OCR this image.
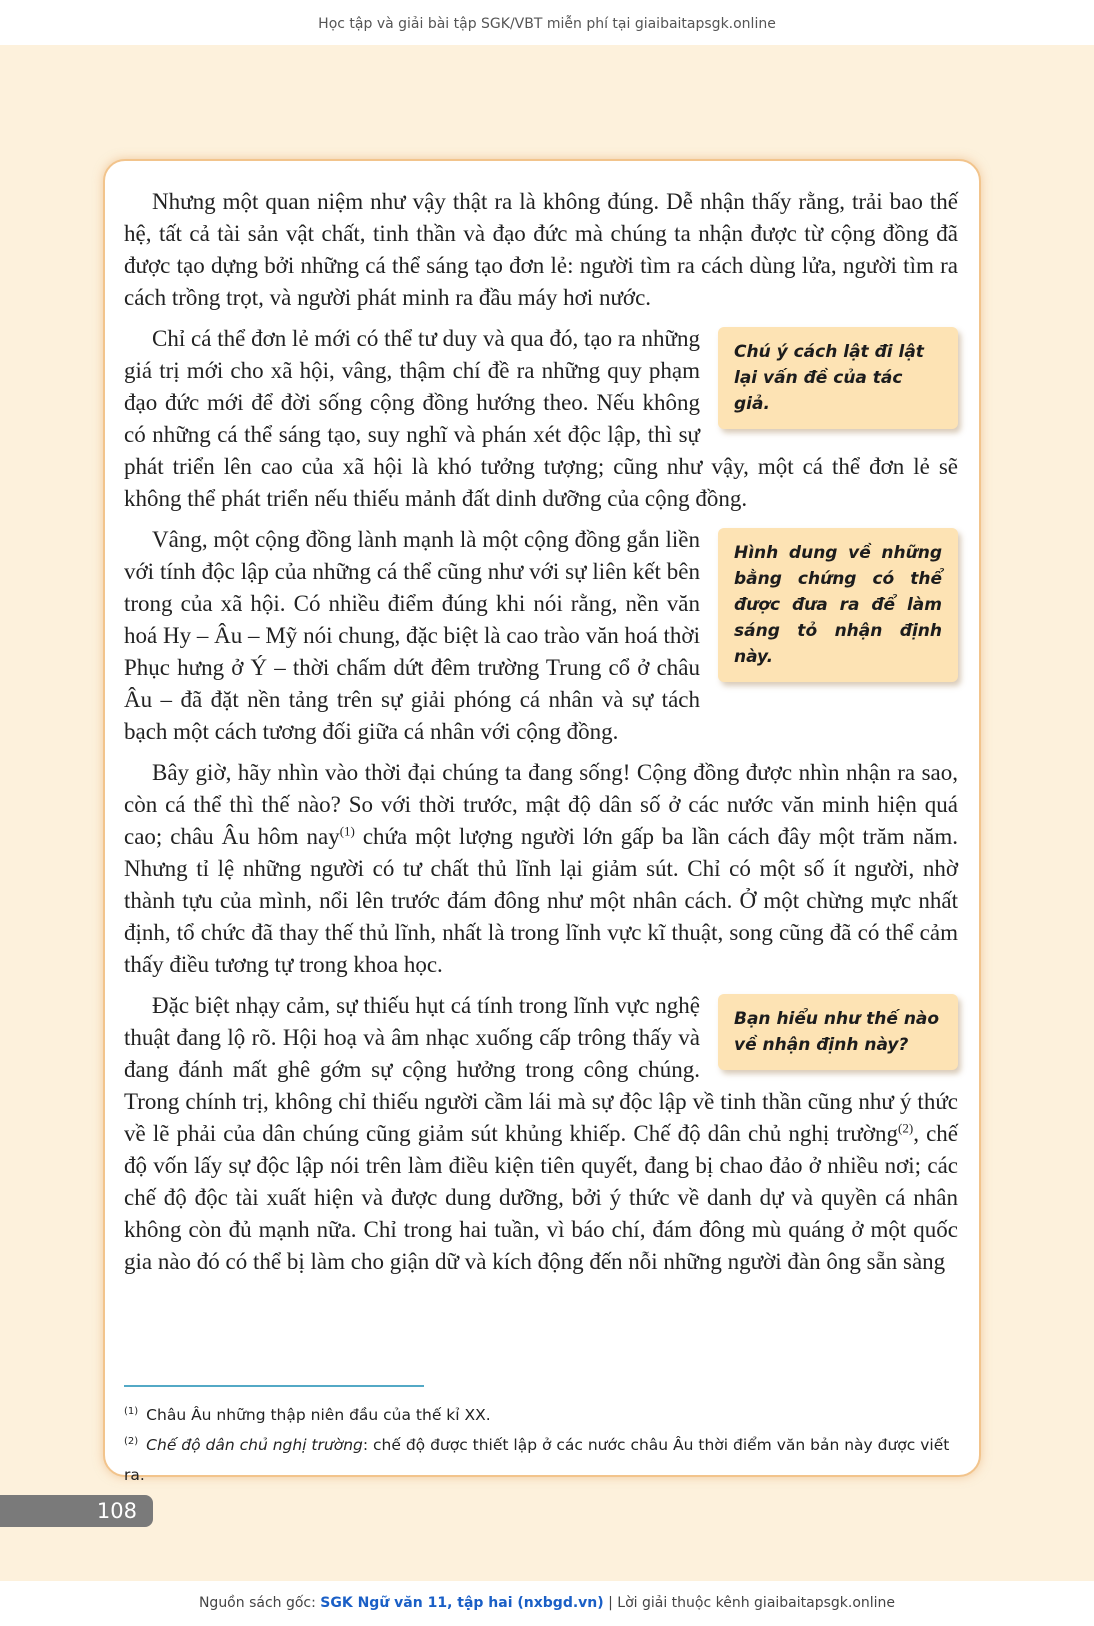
Học tập và giải bài tập SGK/VBT miễn phí tại giaibaitapsgk.online

Nhưng một quan niệm như vậy thật ra là không đúng. Dễ nhận thấy rằng, trải bao thế hệ, tất cả tài sản vật chất, tinh thần và đạo đức mà chúng ta nhận được từ cộng đồng đã được tạo dựng bởi những cá thể sáng tạo đơn lẻ: người tìm ra cách dùng lửa, người tìm ra cách trồng trọt, và người phát minh ra đầu máy hơi nước.

Chú ý cách lật đi lật lại vấn đề của tác giả.
Chỉ cá thể đơn lẻ mới có thể tư duy và qua đó, tạo ra những giá trị mới cho xã hội, vâng, thậm chí đề ra những quy phạm đạo đức mới để đời sống cộng đồng hướng theo. Nếu không có những cá thể sáng tạo, suy nghĩ và phán xét độc lập, thì sự phát triển lên cao của xã hội là khó tưởng tượng; cũng như vậy, một cá thể đơn lẻ sẽ không thể phát triển nếu thiếu mảnh đất dinh dưỡng của cộng đồng.

Hình dung về những bằng chứng có thể được đưa ra để làm sáng tỏ nhận định này.
Vâng, một cộng đồng lành mạnh là một cộng đồng gắn liền với tính độc lập của những cá thể cũng như với sự liên kết bên trong của xã hội. Có nhiều điểm đúng khi nói rằng, nền văn hoá Hy – Âu – Mỹ nói chung, đặc biệt là cao trào văn hoá thời Phục hưng ở Ý – thời chấm dứt đêm trường Trung cổ ở châu Âu – đã đặt nền tảng trên sự giải phóng cá nhân và sự tách bạch một cách tương đối giữa cá nhân với cộng đồng.

Bây giờ, hãy nhìn vào thời đại chúng ta đang sống! Cộng đồng được nhìn nhận ra sao, còn cá thể thì thế nào? So với thời trước, mật độ dân số ở các nước văn minh hiện quá cao; châu Âu hôm nay$^{(1)}$ chứa một lượng người lớn gấp ba lần cách đây một trăm năm. Nhưng tỉ lệ những người có tư chất thủ lĩnh lại giảm sút. Chỉ có một số ít người, nhờ thành tựu của mình, nổi lên trước đám đông như một nhân cách. Ở một chừng mực nhất định, tổ chức đã thay thế thủ lĩnh, nhất là trong lĩnh vực kĩ thuật, song cũng đã có thể cảm thấy điều tương tự trong khoa học.

Bạn hiểu như thế nào về nhận định này?
Đặc biệt nhạy cảm, sự thiếu hụt cá tính trong lĩnh vực nghệ thuật đang lộ rõ. Hội hoạ và âm nhạc xuống cấp trông thấy và đang đánh mất ghê gớm sự cộng hưởng trong công chúng. Trong chính trị, không chỉ thiếu người cầm lái mà sự độc lập về tinh thần cũng như ý thức về lẽ phải của dân chúng cũng giảm sút khủng khiếp. Chế độ dân chủ nghị trường$^{(2)}$, chế độ vốn lấy sự độc lập nói trên làm điều kiện tiên quyết, đang bị chao đảo ở nhiều nơi; các chế độ độc tài xuất hiện và được dung dưỡng, bởi ý thức về danh dự và quyền cá nhân không còn đủ mạnh nữa. Chỉ trong hai tuần, vì báo chí, đám đông mù quáng ở một quốc gia nào đó có thể bị làm cho giận dữ và kích động đến nỗi những người đàn ông sẵn sàng

$^{(1)}$ Châu Âu những thập niên đầu của thế kỉ XX.
$^{(2)}$ Chế độ dân chủ nghị trường: chế độ được thiết lập ở các nước châu Âu thời điểm văn bản này được viết ra.
108
Nguồn sách gốc: SGK Ngữ văn 11, tập hai (nxbgd.vn) | Lời giải thuộc kênh giaibaitapsgk.online
